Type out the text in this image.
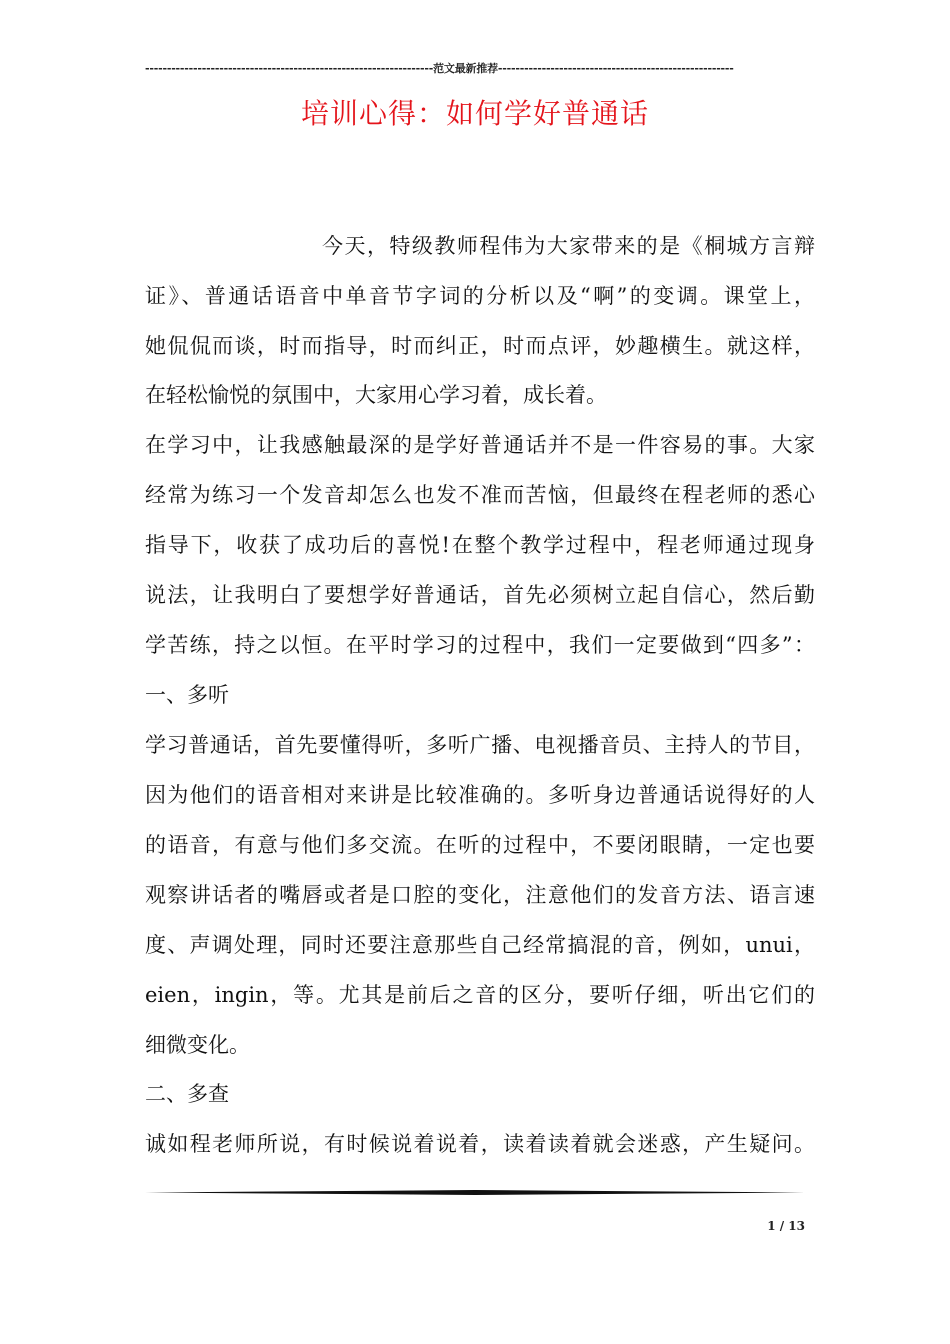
------------------------------------------------------------------范文最新推荐------------------------------------------------------
培训心得：如何学好普通话
今天，特级教师程伟为大家带来的是《桐城方言辩
证》、普通话语音中单音节字词的分析以及“啊”的变调。课堂上，
她侃侃而谈，时而指导，时而纠正，时而点评，妙趣横生。就这样，
在轻松愉悦的氛围中，大家用心学习着，成长着。
在学习中，让我感触最深的是学好普通话并不是一件容易的事。大家
经常为练习一个发音却怎么也发不准而苦恼，但最终在程老师的悉心
指导下，收获了成功后的喜悦!在整个教学过程中，程老师通过现身
说法，让我明白了要想学好普通话，首先必须树立起自信心，然后勤
学苦练，持之以恒。在平时学习的过程中，我们一定要做到“四多”：
一、多听
学习普通话，首先要懂得听，多听广播、电视播音员、主持人的节目，
因为他们的语音相对来讲是比较准确的。多听身边普通话说得好的人
的语音，有意与他们多交流。在听的过程中，不要闭眼睛，一定也要
观察讲话者的嘴唇或者是口腔的变化，注意他们的发音方法、语言速
度、声调处理，同时还要注意那些自己经常搞混的音，例如，unui，
eien，ingin，等。尤其是前后之音的区分，要听仔细，听出它们的
细微变化。
二、多查
诚如程老师所说，有时候说着说着，读着读着就会迷惑，产生疑问。
1 / 13
